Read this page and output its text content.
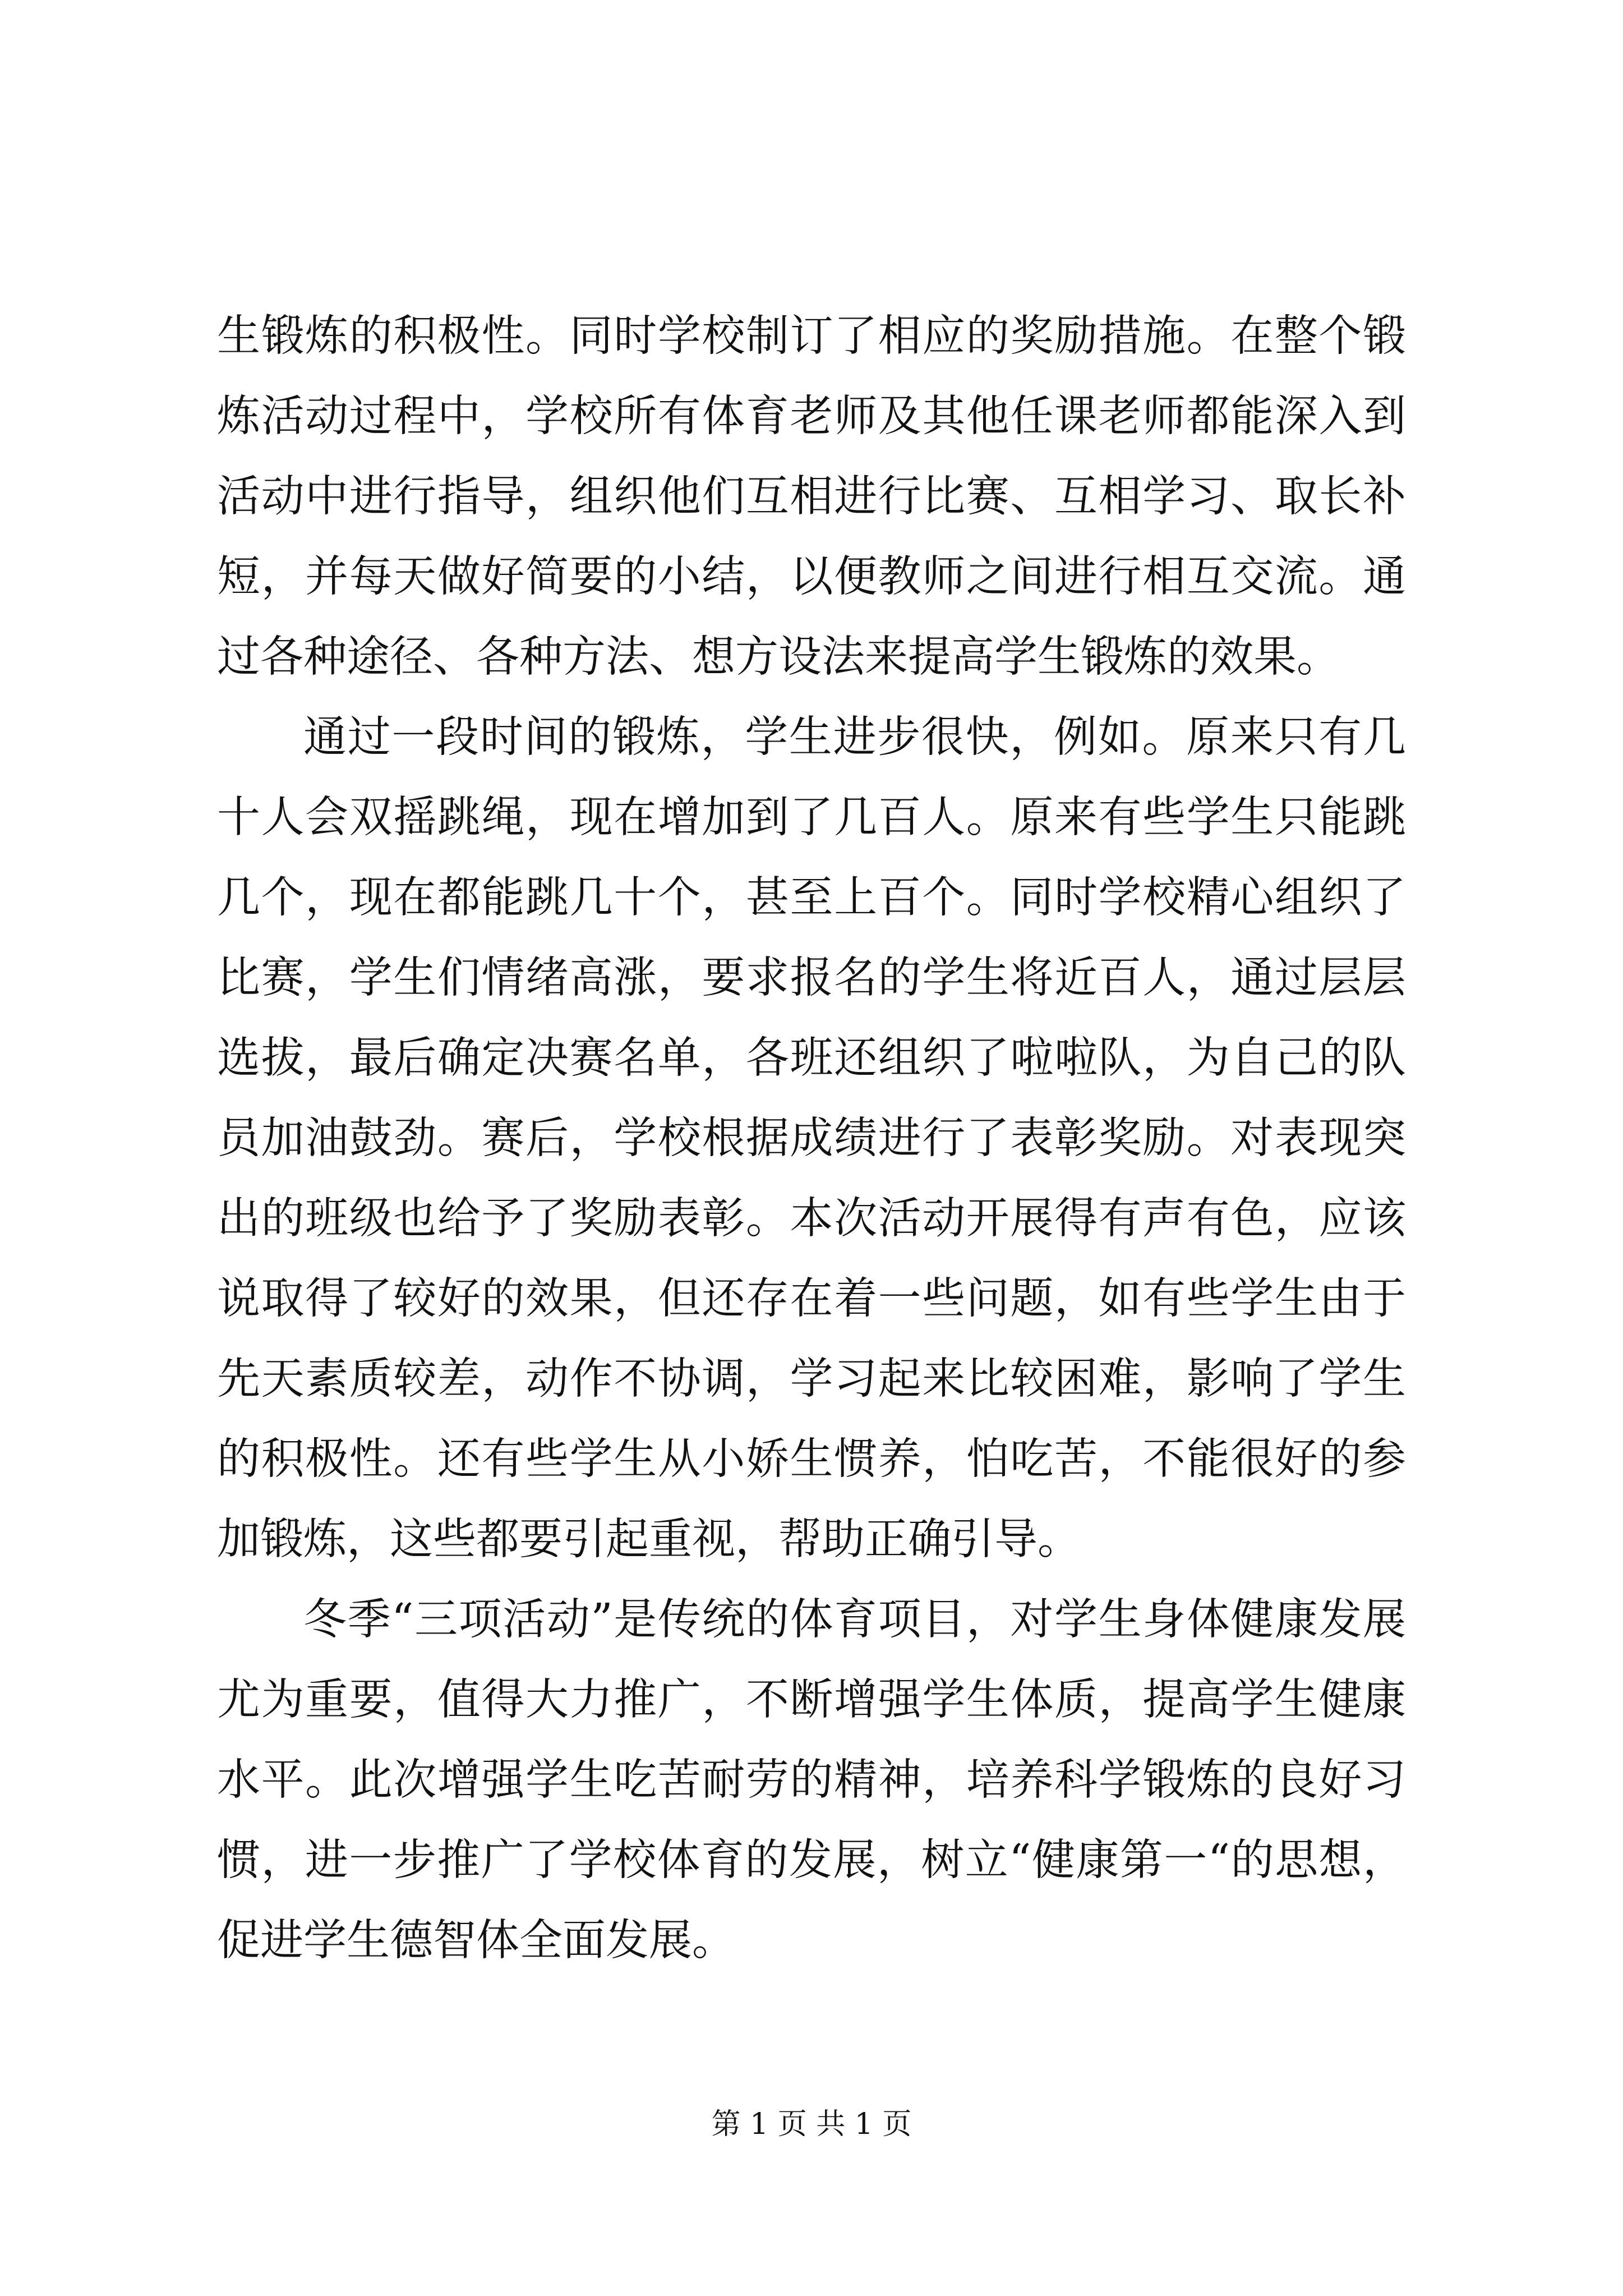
生锻炼的积极性。同时学校制订了相应的奖励措施。在整个锻炼活动过程中，学校所有体育老师及其他任课老师都能深入到活动中进行指导，组织他们互相进行比赛、互相学习、取长补短，并每天做好简要的小结，以便教师之间进行相互交流。通过各种途径、各种方法、想方设法来提高学生锻炼的效果。

通过一段时间的锻炼，学生进步很快，例如。原来只有几十人会双摇跳绳，现在增加到了几百人。原来有些学生只能跳几个，现在都能跳几十个，甚至上百个。同时学校精心组织了比赛，学生们情绪高涨，要求报名的学生将近百人，通过层层选拔，最后确定决赛名单，各班还组织了啦啦队，为自己的队员加油鼓劲。赛后，学校根据成绩进行了表彰奖励。对表现突出的班级也给予了奖励表彰。本次活动开展得有声有色，应该说取得了较好的效果，但还存在着一些问题，如有些学生由于先天素质较差，动作不协调，学习起来比较困难，影响了学生的积极性。还有些学生从小娇生惯养，怕吃苦，不能很好的参加锻炼，这些都要引起重视，帮助正确引导。

冬季“三项活动”是传统的体育项目，对学生身体健康发展尤为重要，值得大力推广，不断增强学生体质，提高学生健康水平。此次增强学生吃苦耐劳的精神，培养科学锻炼的良好习惯，进一步推广了学校体育的发展，树立“健康第一“的思想，促进学生德智体全面发展。

第 1 页 共 1 页
